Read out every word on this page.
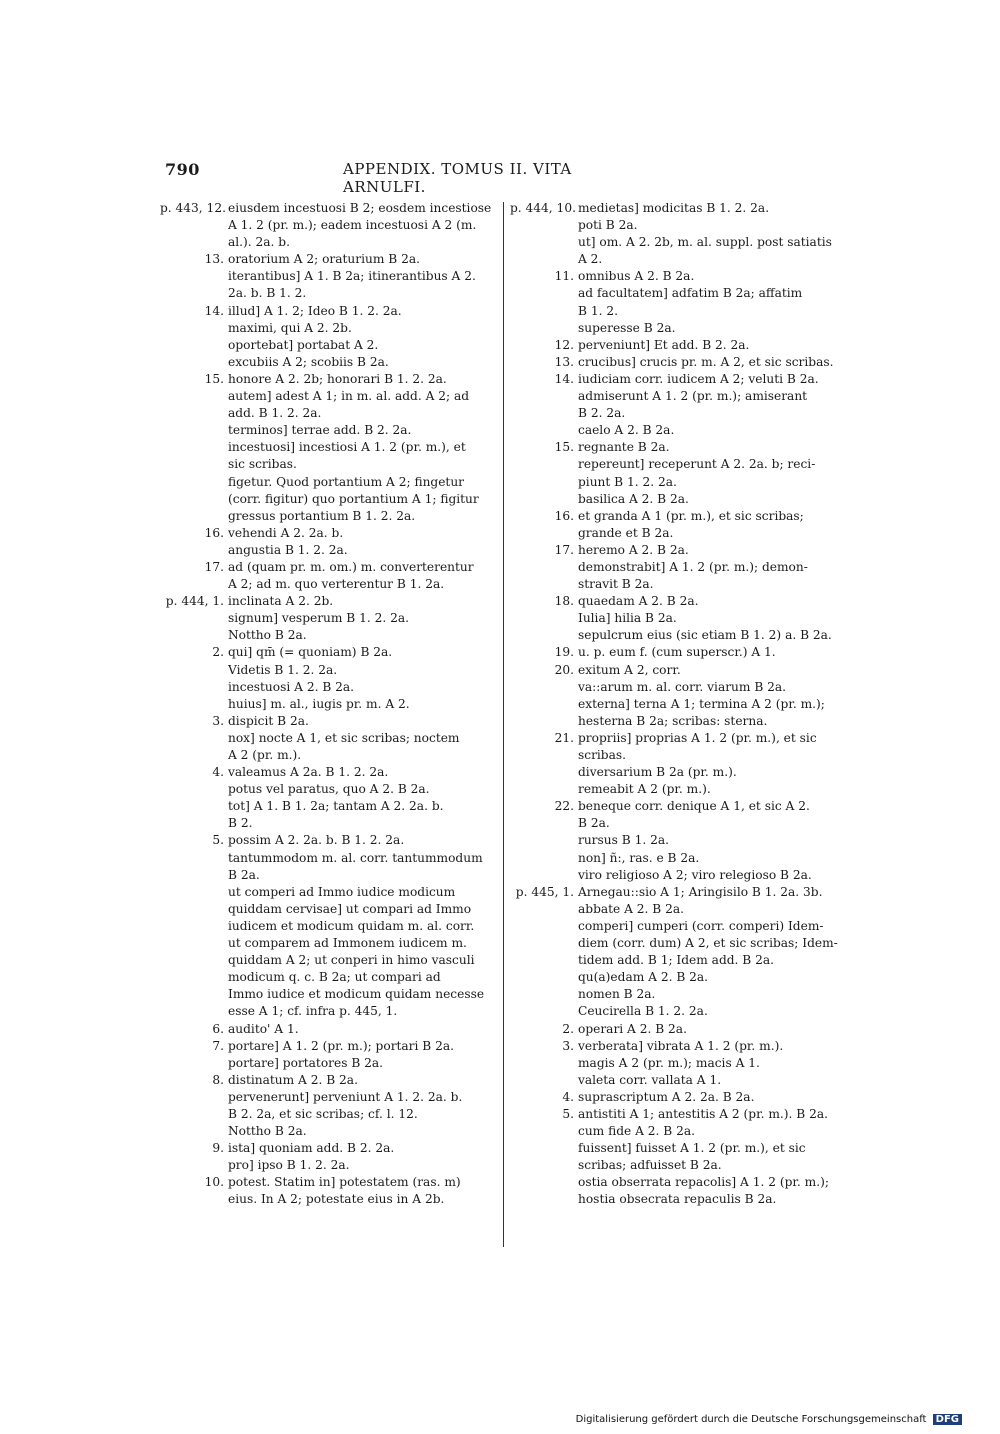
790	APPENDIX. TOMUS II. VITA ARNULFI.
p. 443, 12. eiusdem incestuosi B 2; eosdem incestiose
A 1. 2 (pr. m.); eadem incestuosi A 2 (m.
al.). 2a. b.
13. oratorium A 2; oraturium B 2a.
iterantibus] A 1. B 2a; itinerantibus A 2.
2a. b. B 1. 2.
14. illud] A 1. 2; Ideo B 1. 2. 2a.
maximi, qui A 2. 2b.
oportebat] portabat A 2.
excubiis A 2; scobiis B 2a.
15. honore A 2. 2b; honorari B 1. 2. 2a.
autem] adest A 1; in m. al. add. A 2; ad
add. B 1. 2. 2a.
terminos] terrae add. B 2. 2a.
incestuosi] incestiosi A 1. 2 (pr. m.), et
sic scribas.
figetur. Quod portantium A 2; fingetur
(corr. figitur) quo portantium A 1; figitur
gressus portantium B 1. 2. 2a.
16. vehendi A 2. 2a. b.
angustia B 1. 2. 2a.
17. ad (quam pr. m. om.) m. converterentur
A 2; ad m. quo verterentur B 1. 2a.
p. 444, 1. inclinata A 2. 2b.
signum] vesperum B 1. 2. 2a.
Nottho B 2a.
2. qui] qm̄ (= quoniam) B 2a.
Videtis B 1. 2. 2a.
incestuosi A 2. B 2a.
huius] m. al., iugis pr. m. A 2.
3. dispicit B 2a.
nox] nocte A 1, et sic scribas; noctem
A 2 (pr. m.).
4. valeamus A 2a. B 1. 2. 2a.
potus vel paratus, quo A 2. B 2a.
tot] A 1. B 1. 2a; tantam A 2. 2a. b.
B 2.
5. possim A 2. 2a. b. B 1. 2. 2a.
tantummodom m. al. corr. tantummodum
B 2a.
ut comperi ad Immo iudice modicum
quiddam cervisae] ut compari ad Immo
iudicem et modicum quidam m. al. corr.
ut comparem ad Immonem iudicem m.
quiddam A 2; ut conperi in himo vasculi
modicum q. c. B 2a; ut compari ad
Immo iudice et modicum quidam necesse
esse A 1; cf. infra p. 445, 1.
6. audito' A 1.
7. portare] A 1. 2 (pr. m.); portari B 2a.
portare] portatores B 2a.
8. distinatum A 2. B 2a.
pervenerunt] perveniunt A 1. 2. 2a. b.
B 2. 2a, et sic scribas; cf. l. 12.
Nottho B 2a.
9. ista] quoniam add. B 2. 2a.
pro] ipso B 1. 2. 2a.
10. potest. Statim in] potestatem (ras. m)
eius. In A 2; potestate eius in A 2b.
p. 444, 10. medietas] modicitas B 1. 2. 2a.
poti B 2a.
ut] om. A 2. 2b, m. al. suppl. post satiatis
A 2.
11. omnibus A 2. B 2a.
ad facultatem] adfatim B 2a; affatim
B 1. 2.
superesse B 2a.
12. perveniunt] Et add. B 2. 2a.
13. crucibus] crucis pr. m. A 2, et sic scribas.
14. iudiciam corr. iudicem A 2; veluti B 2a.
admiserunt A 1. 2 (pr. m.); amiserant
B 2. 2a.
caelo A 2. B 2a.
15. regnante B 2a.
repereunt] receperunt A 2. 2a. b; reci-
piunt B 1. 2. 2a.
basilica A 2. B 2a.
16. et granda A 1 (pr. m.), et sic scribas;
grande et B 2a.
17. heremo A 2. B 2a.
demonstrabit] A 1. 2 (pr. m.); demon-
stravit B 2a.
18. quaedam A 2. B 2a.
Iulia] hilia B 2a.
sepulcrum eius (sic etiam B 1. 2) a. B 2a.
19. u. p. eum f. (cum superscr.) A 1.
20. exitum A 2, corr.
va::arum m. al. corr. viarum B 2a.
externa] terna A 1; termina A 2 (pr. m.);
hesterna B 2a; scribas: sterna.
21. propriis] proprias A 1. 2 (pr. m.), et sic
scribas.
diversarium B 2a (pr. m.).
remeabit A 2 (pr. m.).
22. beneque corr. denique A 1, et sic A 2.
B 2a.
rursus B 1. 2a.
non] ñ:, ras. e B 2a.
viro religioso A 2; viro relegioso B 2a.
p. 445, 1. Arnegau::sio A 1; Aringisilo B 1. 2a. 3b.
abbate A 2. B 2a.
comperi] cumperi (corr. comperi) Idem-
diem (corr. dum) A 2, et sic scribas; Idem-
tidem add. B 1; Idem add. B 2a.
qu(a)edam A 2. B 2a.
nomen B 2a.
Ceucirella B 1. 2. 2a.
2. operari A 2. B 2a.
3. verberata] vibrata A 1. 2 (pr. m.).
magis A 2 (pr. m.); macis A 1.
valeta corr. vallata A 1.
4. suprascriptum A 2. 2a. B 2a.
5. antistiti A 1; antestitis A 2 (pr. m.). B 2a.
cum fide A 2. B 2a.
fuissent] fuisset A 1. 2 (pr. m.), et sic
scribas; adfuisset B 2a.
ostia obserrata repacolis] A 1. 2 (pr. m.);
hostia obsecrata repaculis B 2a.
Digitalisierung gefördert durch die Deutsche Forschungsgemeinschaft DFG
